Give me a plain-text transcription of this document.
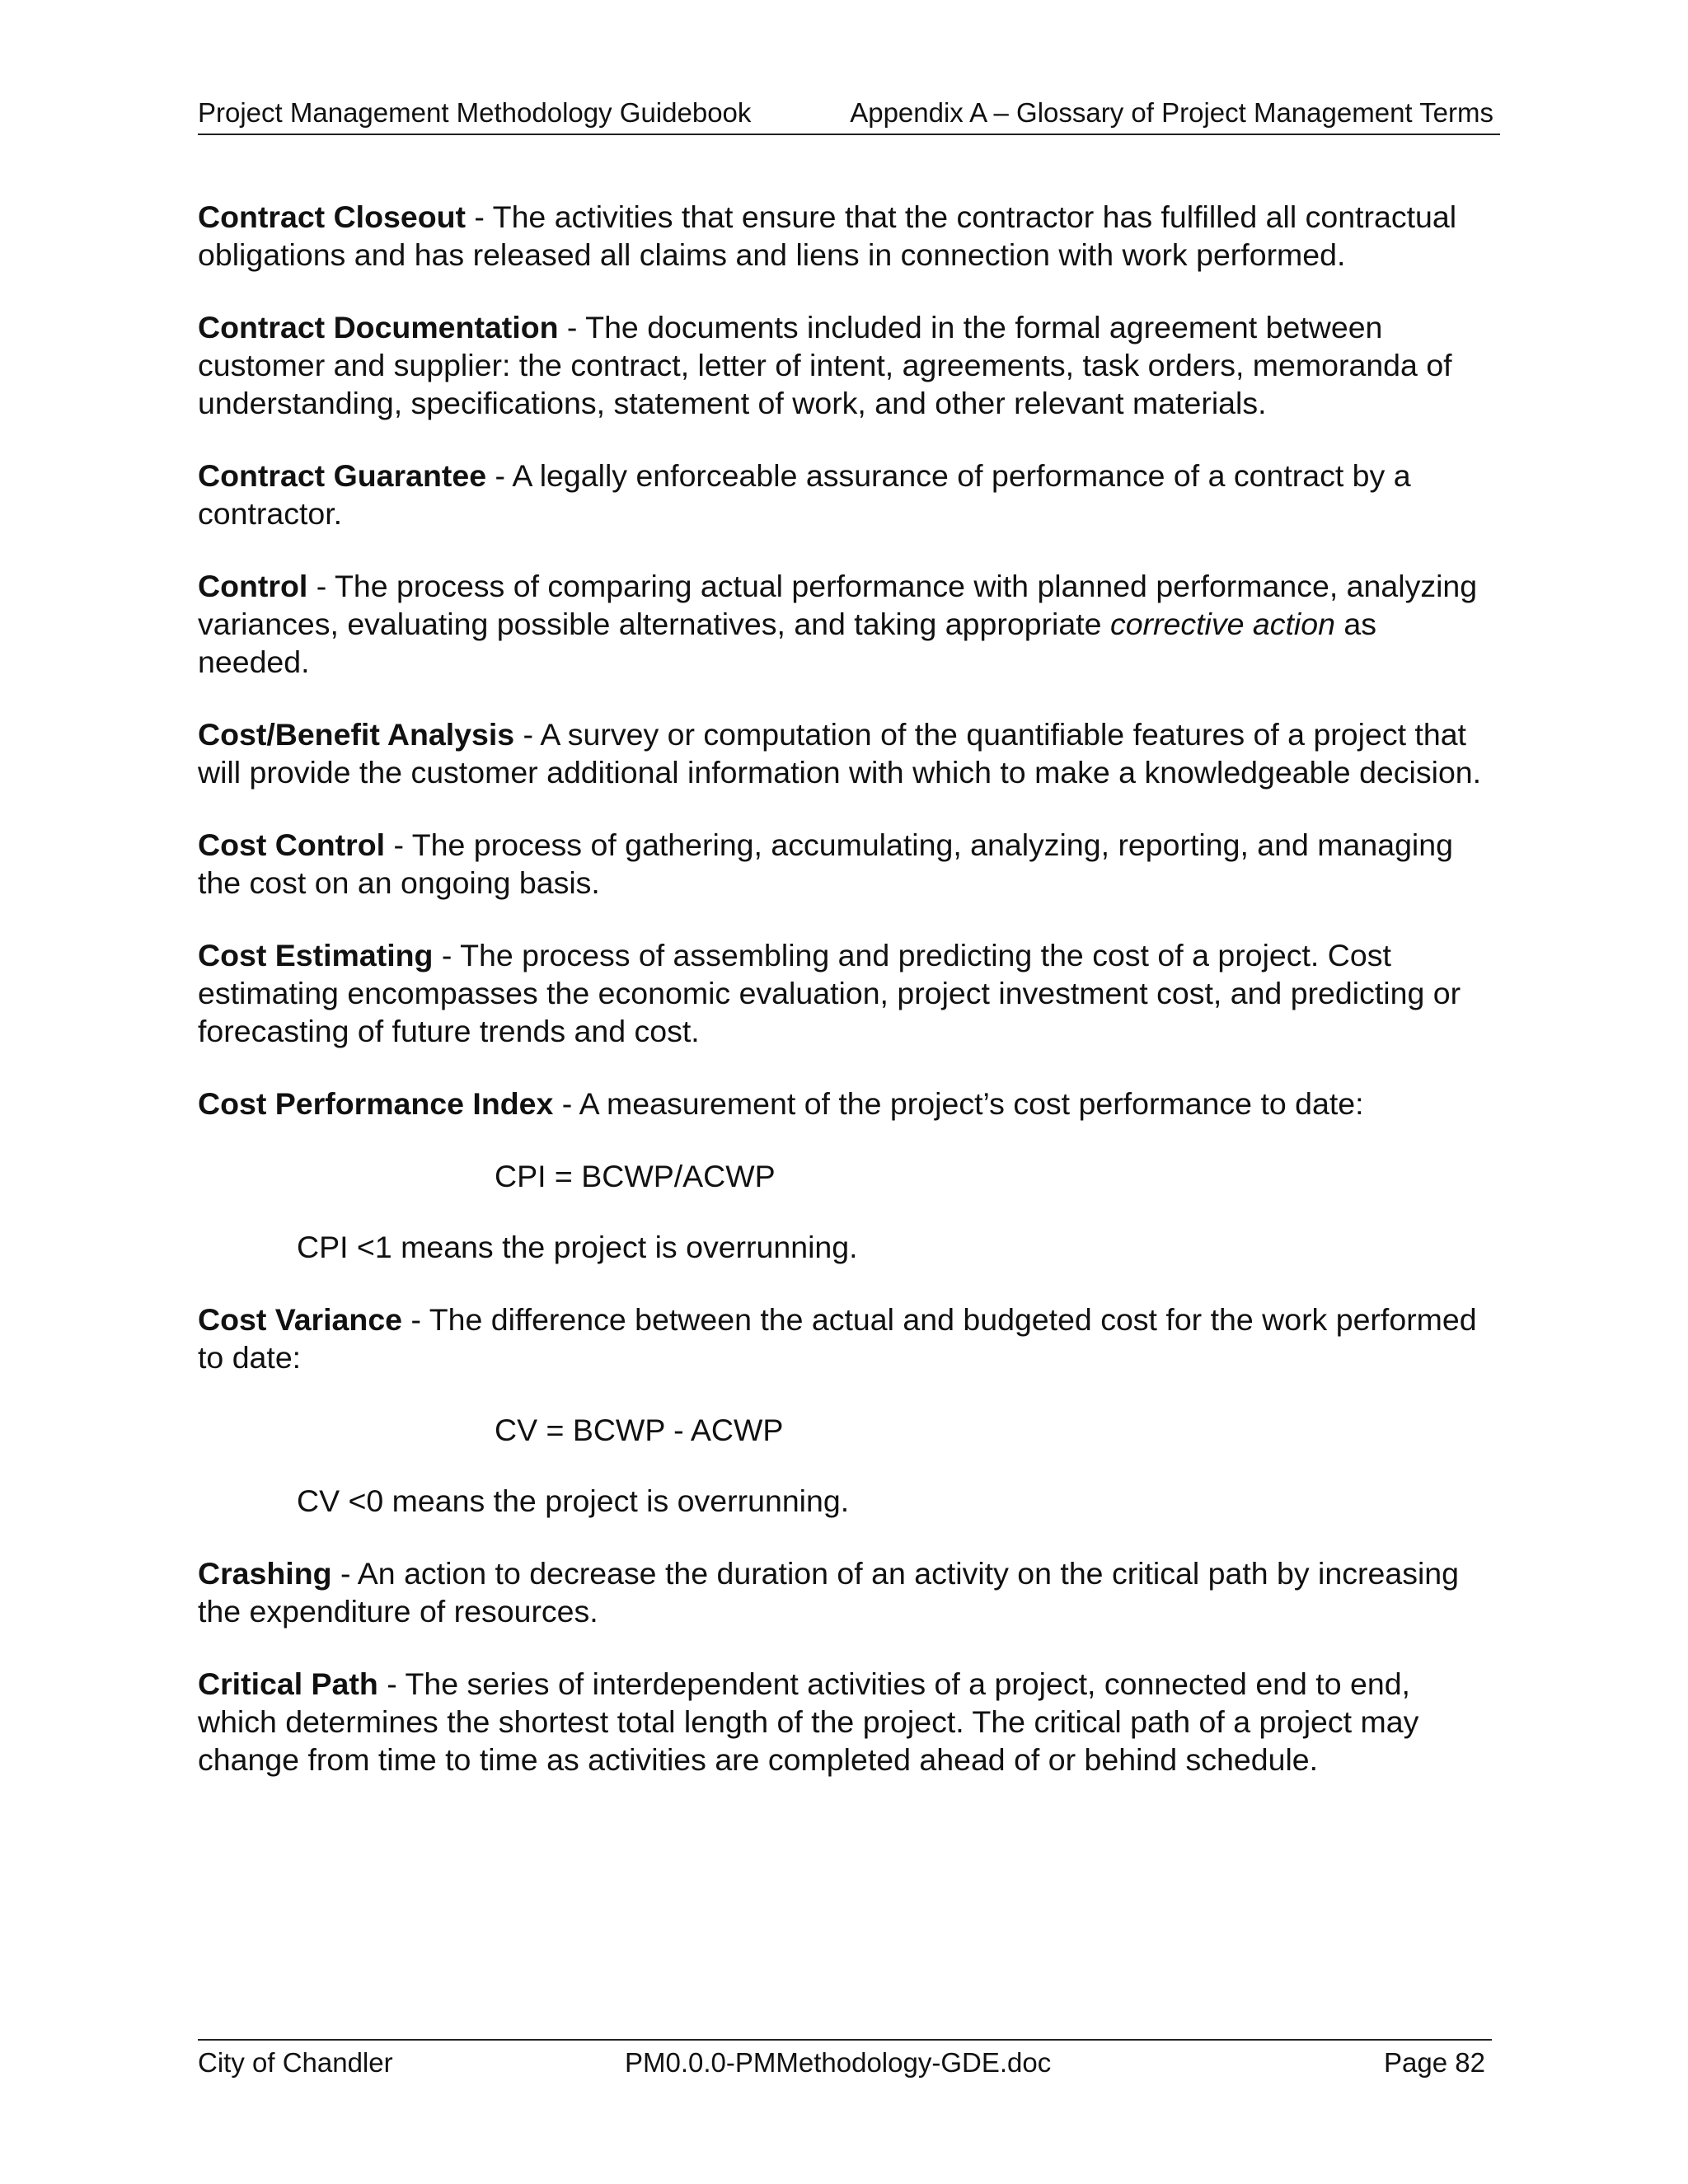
Project Management Methodology Guidebook	Appendix A – Glossary of Project Management Terms

Contract Closeout - The activities that ensure that the contractor has fulfilled all contractual obligations and has released all claims and liens in connection with work performed.

Contract Documentation - The documents included in the formal agreement between customer and supplier: the contract, letter of intent, agreements, task orders, memoranda of understanding, specifications, statement of work, and other relevant materials.

Contract Guarantee - A legally enforceable assurance of performance of a contract by a contractor.

Control - The process of comparing actual performance with planned performance, analyzing variances, evaluating possible alternatives, and taking appropriate corrective action as needed.

Cost/Benefit Analysis - A survey or computation of the quantifiable features of a project that will provide the customer additional information with which to make a knowledgeable decision.

Cost Control - The process of gathering, accumulating, analyzing, reporting, and managing the cost on an ongoing basis.

Cost Estimating - The process of assembling and predicting the cost of a project. Cost estimating encompasses the economic evaluation, project investment cost, and predicting or forecasting of future trends and cost.

Cost Performance Index - A measurement of the project’s cost performance to date:

CPI = BCWP/ACWP

CPI <1 means the project is overrunning.

Cost Variance - The difference between the actual and budgeted cost for the work performed to date:

CV = BCWP - ACWP

CV <0 means the project is overrunning.

Crashing - An action to decrease the duration of an activity on the critical path by increasing the expenditure of resources.

Critical Path - The series of interdependent activities of a project, connected end to end, which determines the shortest total length of the project. The critical path of a project may change from time to time as activities are completed ahead of or behind schedule.

City of Chandler	PM0.0.0-PMMethodology-GDE.doc	Page 82
